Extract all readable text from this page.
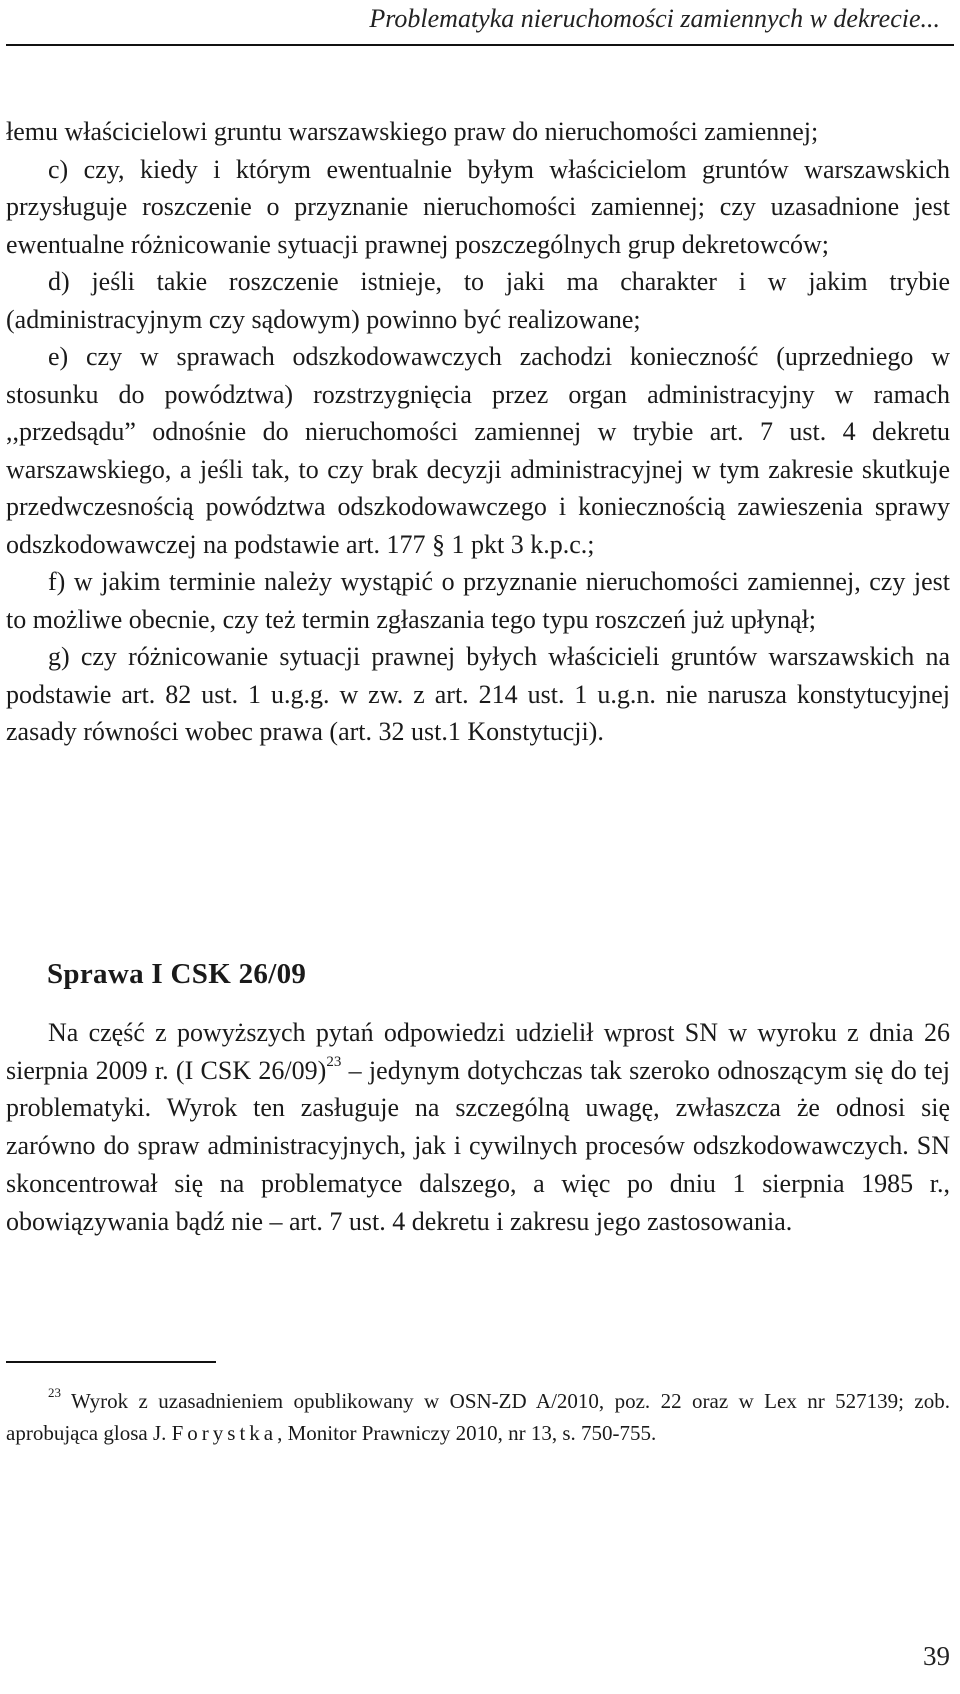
Problematyka nieruchomości zamiennych w dekrecie...

łemu właścicielowi gruntu warszawskiego praw do nieruchomości zamiennej;

c) czy, kiedy i którym ewentualnie byłym właścicielom gruntów warszawskich przysługuje roszczenie o przyznanie nieruchomości zamiennej; czy uzasadnione jest ewentualne różnicowanie sytuacji prawnej poszczególnych grup dekretowców;

d) jeśli takie roszczenie istnieje, to jaki ma charakter i w jakim trybie (administracyjnym czy sądowym) powinno być realizowane;

e) czy w sprawach odszkodowawczych zachodzi konieczność (uprzedniego w stosunku do powództwa) rozstrzygnięcia przez organ administracyjny w ramach ,,przedsądu” odnośnie do nieruchomości zamiennej w trybie art. 7 ust. 4 dekretu warszawskiego, a jeśli tak, to czy brak decyzji administracyjnej w tym zakresie skutkuje przedwczesnością powództwa odszkodowawczego i koniecznością zawieszenia sprawy odszkodowawczej na podstawie art. 177 § 1 pkt 3 k.p.c.;

f) w jakim terminie należy wystąpić o przyznanie nieruchomości zamiennej, czy jest to możliwe obecnie, czy też termin zgłaszania tego typu roszczeń już upłynął;

g) czy różnicowanie sytuacji prawnej byłych właścicieli gruntów warszawskich na podstawie art. 82 ust. 1 u.g.g. w zw. z art. 214 ust. 1 u.g.n. nie narusza konstytucyjnej zasady równości wobec prawa (art. 32 ust.1 Konstytucji).

Sprawa I CSK 26/09

Na część z powyższych pytań odpowiedzi udzielił wprost SN w wyroku z dnia 26 sierpnia 2009 r. (I CSK 26/09)$^{23}$ – jedynym dotychczas tak szeroko odnoszącym się do tej problematyki. Wyrok ten zasługuje na szczególną uwagę, zwłaszcza że odnosi się zarówno do spraw administracyjnych, jak i cywilnych procesów odszkodowawczych. SN skoncentrował się na problematyce dalszego, a więc po dniu 1 sierpnia 1985 r., obowiązywania bądź nie – art. 7 ust. 4 dekretu i zakresu jego zastosowania.

$^{23}$ Wyrok z uzasadnieniem opublikowany w OSN-ZD A/2010, poz. 22 oraz w Lex nr 527139; zob. aprobująca glosa J. Forystka, Monitor Prawniczy 2010, nr 13, s. 750-755.

39
